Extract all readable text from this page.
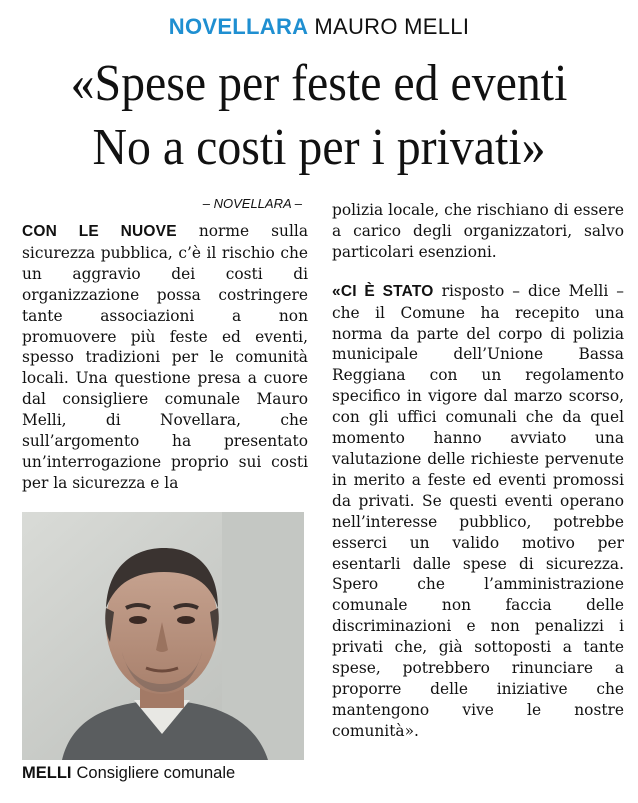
NOVELLARA MAURO MELLI
«Spese per feste ed eventi
No a costi per i privati»
– NOVELLARA –

CON LE NUOVE norme sulla sicurezza pubblica, c’è il rischio che un aggravio dei costi di organizzazione possa costringere tante associazioni a non promuovere più feste ed eventi, spesso tradizioni per le comunità locali. Una questione presa a cuore dal consigliere comunale Mauro Melli, di Novellara, che sull’argomento ha presentato un’interrogazione proprio sui costi per la sicurezza e la

MELLI Consigliere comunale

polizia locale, che rischiano di essere a carico degli organizzatori, salvo particolari esenzioni.

«CI È STATO risposto – dice Melli – che il Comune ha recepito una norma da parte del corpo di polizia municipale dell’Unione Bassa Reggiana con un regolamento specifico in vigore dal marzo scorso, con gli uffici comunali che da quel momento hanno avviato una valutazione delle richieste pervenute in merito a feste ed eventi promossi da privati. Se questi eventi operano nell’interesse pubblico, potrebbe esserci un valido motivo per esentarli dalle spese di sicurezza. Spero che l’amministrazione comunale non faccia delle discriminazioni e non penalizzi i privati che, già sottoposti a tante spese, potrebbero rinunciare a proporre delle iniziative che mantengono vive le nostre comunità».
